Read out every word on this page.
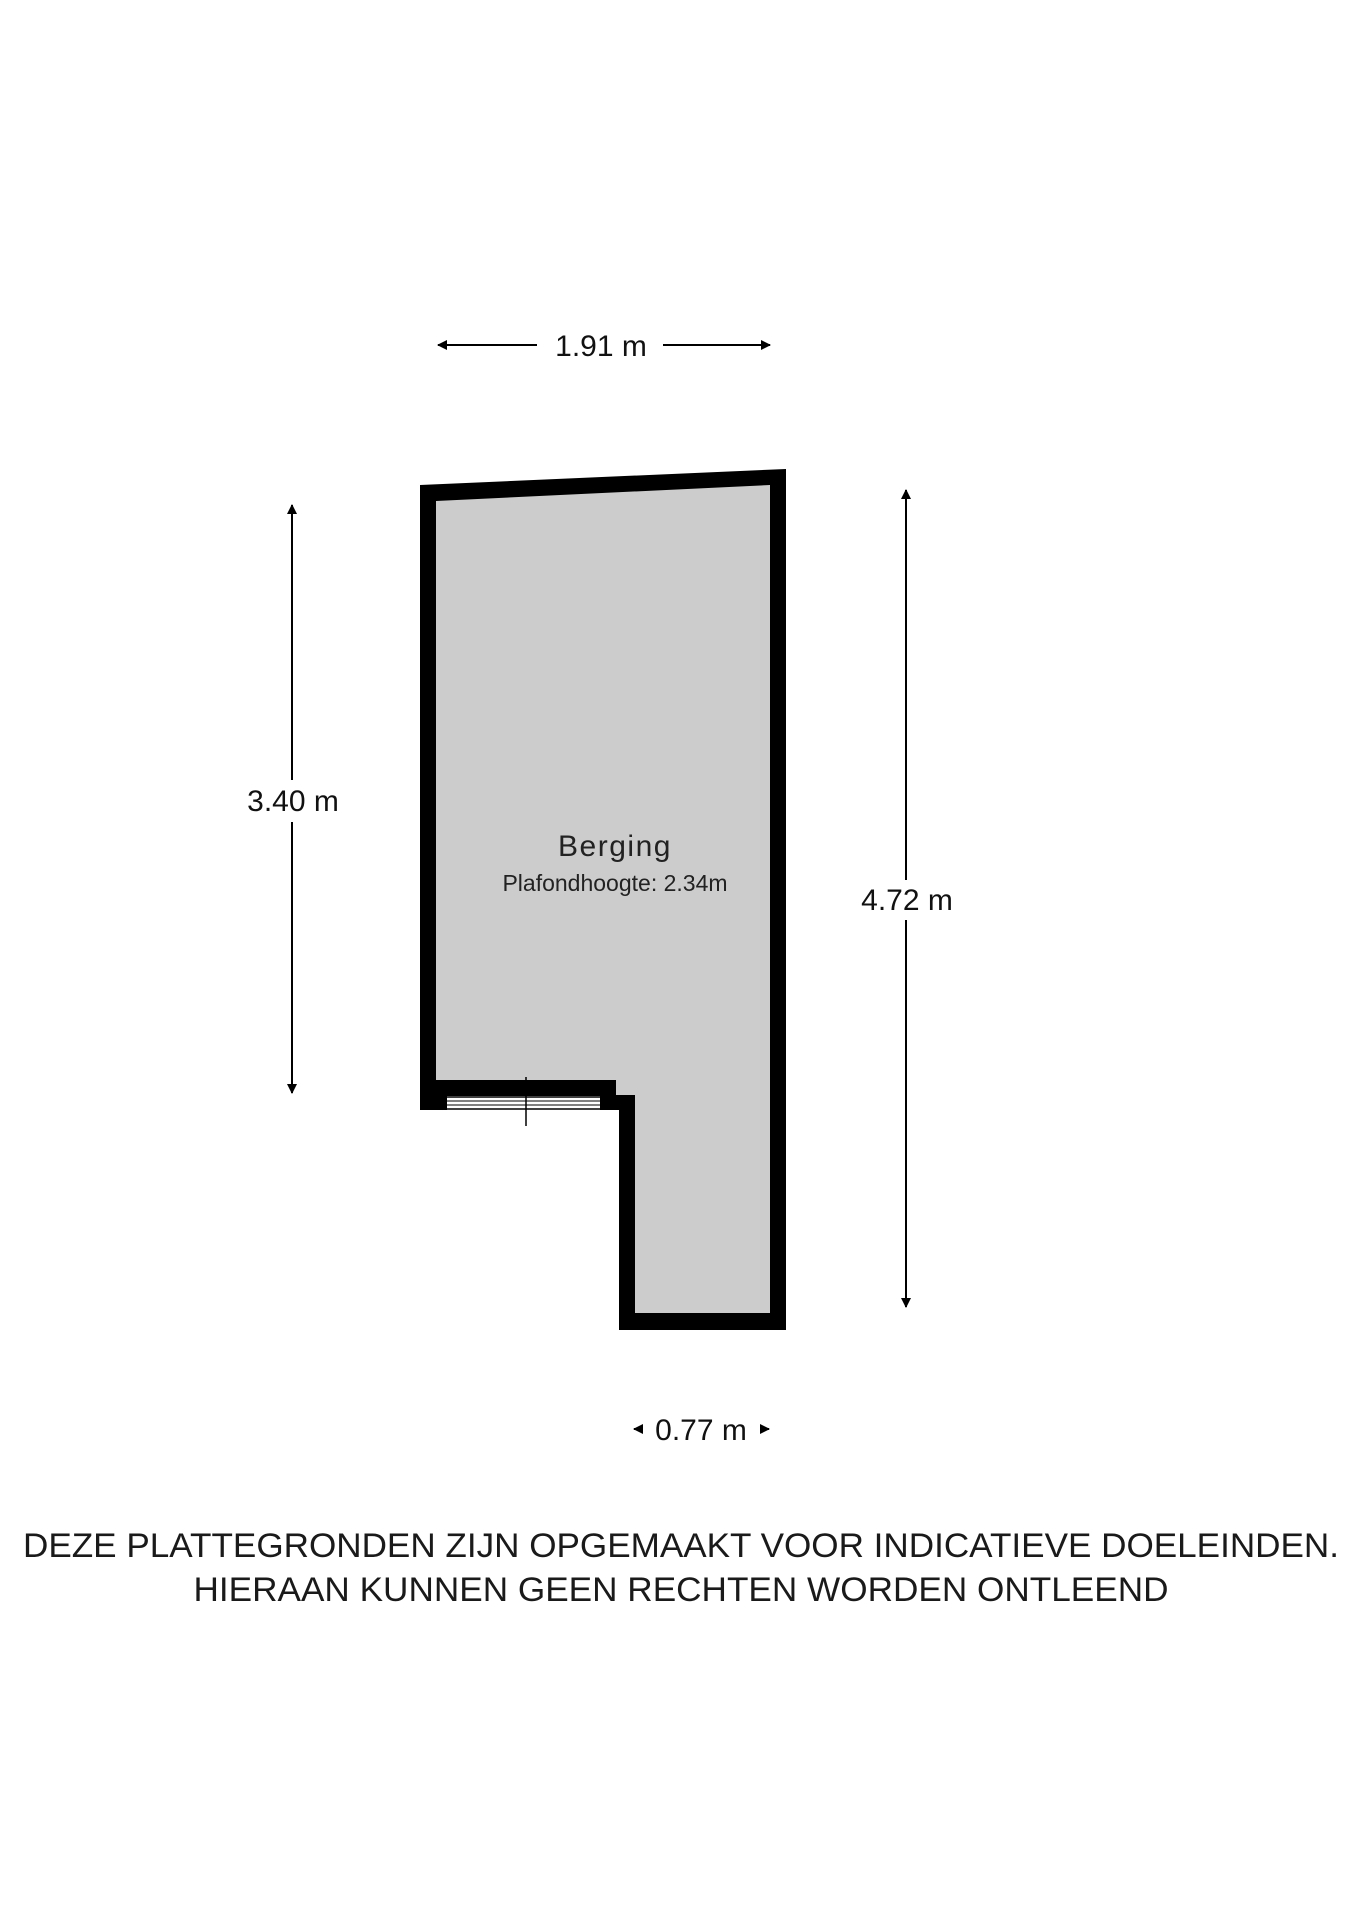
Berging
Plafondhoogte: 2.34m
1.91 m
3.40 m
4.72 m
0.77 m
DEZE PLATTEGRONDEN ZIJN OPGEMAAKT VOOR INDICATIEVE DOELEINDEN.
HIERAAN KUNNEN GEEN RECHTEN WORDEN ONTLEEND
